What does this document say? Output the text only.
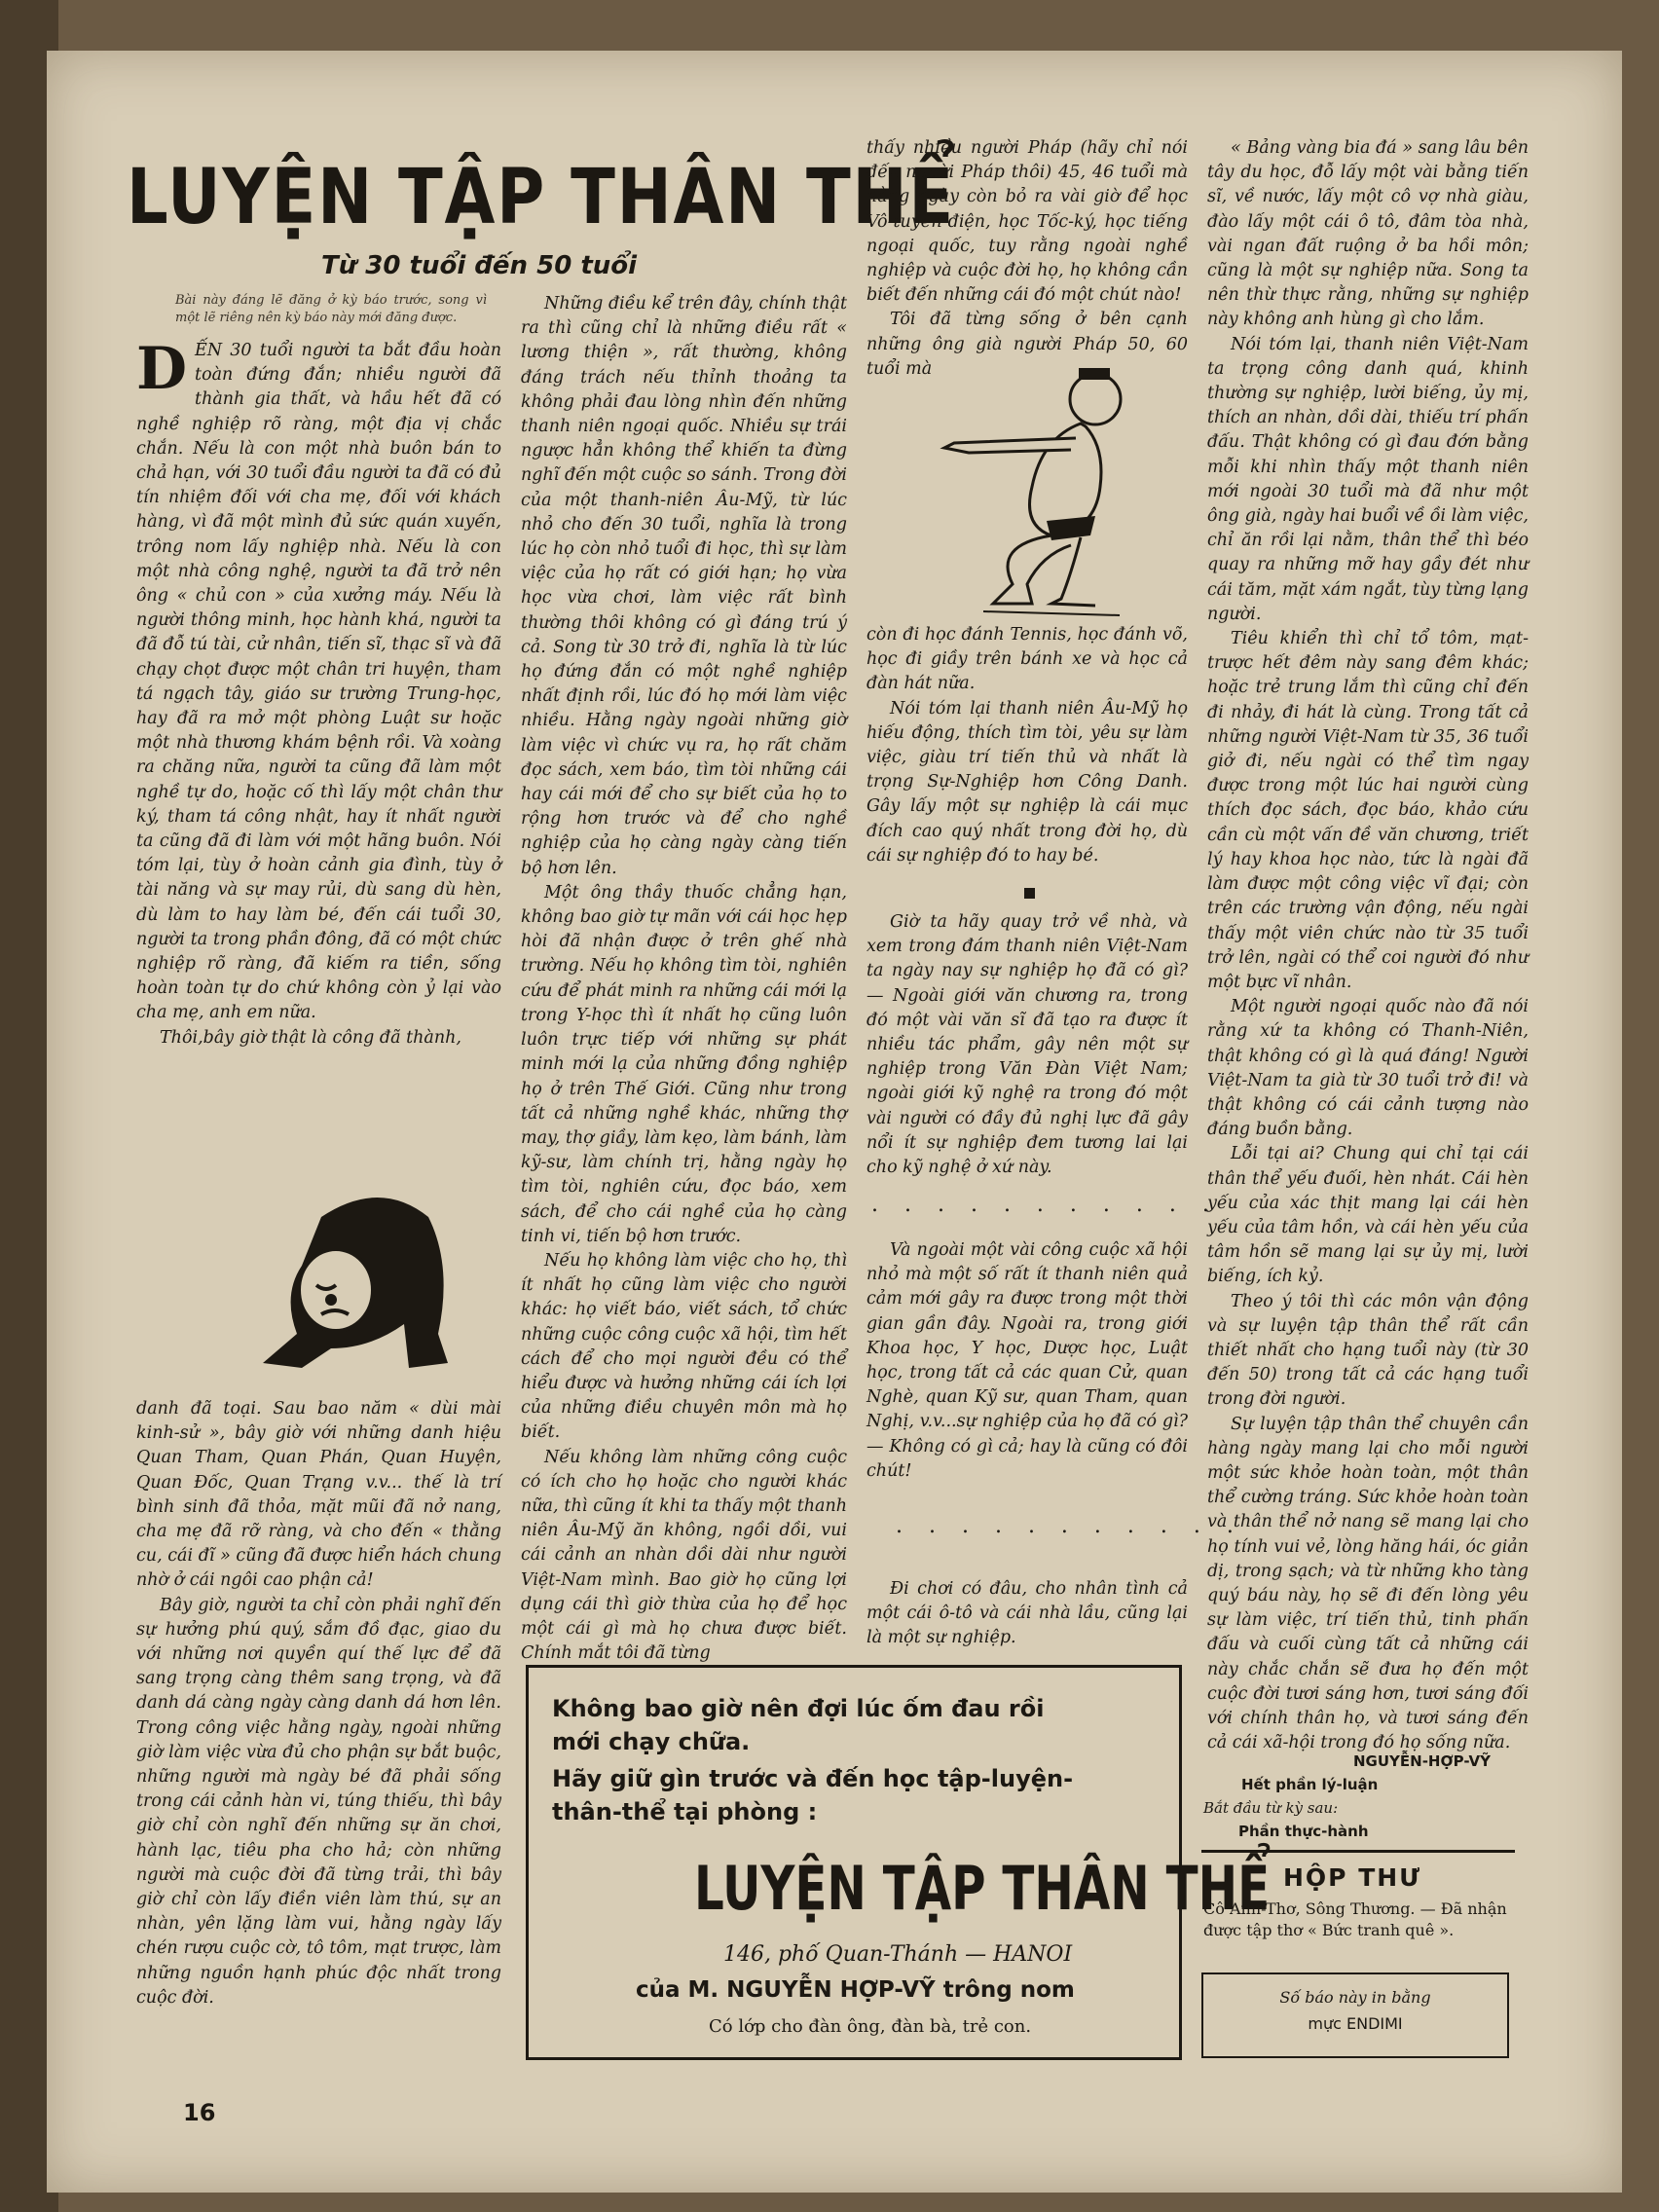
LUYỆN TẬP THÂN THỂ
Từ 30 tuổi đến 50 tuổi
Bài này đáng lẽ đăng ở kỳ báo trước, song vì một lẽ riêng nên kỳ báo này mới đăng được.

DẾN 30 tuổi người ta bắt đầu hoàn toàn đứng đắn; nhiều người đã thành gia thất, và hầu hết đã có nghề nghiệp rõ ràng, một địa vị chắc chắn. Nếu là con một nhà buôn bán to chả hạn, với 30 tuổi đầu người ta đã có đủ tín nhiệm đối với cha mẹ, đối với khách hàng, vì đã một mình đủ sức quán xuyến, trông nom lấy nghiệp nhà. Nếu là con một nhà công nghệ, người ta đã trở nên ông « chủ con » của xưởng máy. Nếu là người thông minh, học hành khá, người ta đã đỗ tú tài, cử nhân, tiến sĩ, thạc sĩ và đã chạy chọt được một chân tri huyện, tham tá ngạch tây, giáo sư trường Trung-học, hay đã ra mở một phòng Luật sư hoặc một nhà thương khám bệnh rồi. Và xoàng ra chăng nữa, người ta cũng đã làm một nghề tự do, hoặc cố thì lấy một chân thư ký, tham tá công nhật, hay ít nhất người ta cũng đã đi làm với một hãng buôn. Nói tóm lại, tùy ở hoàn cảnh gia đình, tùy ở tài năng và sự may rủi, dù sang dù hèn, dù làm to hay làm bé, đến cái tuổi 30, người ta trong phần đông, đã có một chức nghiệp rõ ràng, đã kiếm ra tiền, sống hoàn toàn tự do chứ không còn ỷ lại vào cha mẹ, anh em nữa.

Thôi,bây giờ thật là công đã thành,

danh đã toại. Sau bao năm « dùi mài kinh-sử », bây giờ với những danh hiệu Quan Tham, Quan Phán, Quan Huyện, Quan Đốc, Quan Trạng v.v... thế là trí bình sinh đã thỏa, mặt mũi đã nở nang, cha mẹ đã rỡ ràng, và cho đến « thằng cu, cái đĩ » cũng đã được hiển hách chung nhờ ở cái ngôi cao phận cả!

Bây giờ, người ta chỉ còn phải nghĩ đến sự hưởng phú quý, sắm đồ đạc, giao du với những nơi quyền quí thế lực để đã sang trọng càng thêm sang trọng, và đã danh dá càng ngày càng danh dá hơn lên. Trong công việc hằng ngày, ngoài những giờ làm việc vừa đủ cho phận sự bắt buộc, những người mà ngày bé đã phải sống trong cái cảnh hàn vi, túng thiếu, thì bây giờ chỉ còn nghĩ đến những sự ăn chơi, hành lạc, tiêu pha cho hả; còn những người mà cuộc đời đã từng trải, thì bây giờ chỉ còn lấy điền viên làm thú, sự an nhàn, yên lặng làm vui, hằng ngày lấy chén rượu cuộc cờ, tô tôm, mạt trược, làm những nguồn hạnh phúc độc nhất trong cuộc đời.

Những điều kể trên đây, chính thật ra thì cũng chỉ là những điều rất « lương thiện », rất thường, không đáng trách nếu thỉnh thoảng ta không phải đau lòng nhìn đến những thanh niên ngoại quốc. Nhiều sự trái ngược hẳn không thể khiến ta đừng nghĩ đến một cuộc so sánh. Trong đời của một thanh-niên Âu-Mỹ, từ lúc nhỏ cho đến 30 tuổi, nghĩa là trong lúc họ còn nhỏ tuổi đi học, thì sự làm việc của họ rất có giới hạn; họ vừa học vừa chơi, làm việc rất bình thường thôi không có gì đáng trú ý cả. Song từ 30 trở đi, nghĩa là từ lúc họ đứng đắn có một nghề nghiệp nhất định rồi, lúc đó họ mới làm việc nhiều. Hằng ngày ngoài những giờ làm việc vì chức vụ ra, họ rất chăm đọc sách, xem báo, tìm tòi những cái hay cái mới để cho sự biết của họ to rộng hơn trước và để cho nghề nghiệp của họ càng ngày càng tiến bộ hơn lên.

Một ông thầy thuốc chẳng hạn, không bao giờ tự mãn với cái học hẹp hòi đã nhận được ở trên ghế nhà trường. Nếu họ không tìm tòi, nghiên cứu để phát minh ra những cái mới lạ trong Y-học thì ít nhất họ cũng luôn luôn trực tiếp với những sự phát minh mới lạ của những đồng nghiệp họ ở trên Thế Giới. Cũng như trong tất cả những nghề khác, những thợ may, thợ giầy, làm kẹo, làm bánh, làm kỹ-sư, làm chính trị, hằng ngày họ tìm tòi, nghiên cứu, đọc báo, xem sách, để cho cái nghề của họ càng tinh vi, tiến bộ hơn trước.

Nếu họ không làm việc cho họ, thì ít nhất họ cũng làm việc cho người khác: họ viết báo, viết sách, tổ chức những cuộc công cuộc xã hội, tìm hết cách để cho mọi người đều có thể hiểu được và hưởng những cái ích lợi của những điều chuyên môn mà họ biết.

Nếu không làm những công cuộc có ích cho họ hoặc cho người khác nữa, thì cũng ít khi ta thấy một thanh niên Âu-Mỹ ăn không, ngồi dồi, vui cái cảnh an nhàn dồi dài như người Việt-Nam mình. Bao giờ họ cũng lợi dụng cái thì giờ thừa của họ để học một cái gì mà họ chưa được biết. Chính mắt tôi đã từng

thấy nhiều người Pháp (hãy chỉ nói đến người Pháp thôi) 45, 46 tuổi mà hằng ngày còn bỏ ra vài giờ để học Vô-tuyến-điện, học Tốc-ký, học tiếng ngoại quốc, tuy rằng ngoài nghề nghiệp và cuộc đời họ, họ không cần biết đến những cái đó một chút nào!

Tôi đã từng sống ở bên cạnh những ông già người Pháp 50, 60 tuổi mà

còn đi học đánh Tennis, học đánh võ, học đi giầy trên bánh xe và học cả đàn hát nữa.

Nói tóm lại thanh niên Âu-Mỹ họ hiếu động, thích tìm tòi, yêu sự làm việc, giàu trí tiến thủ và nhất là trọng Sự-Nghiệp hơn Công Danh. Gây lấy một sự nghiệp là cái mục đích cao quý nhất trong đời họ, dù cái sự nghiệp đó to hay bé.

Giờ ta hãy quay trở về nhà, và xem trong đám thanh niên Việt-Nam ta ngày nay sự nghiệp họ đã có gì? — Ngoài giới văn chương ra, trong đó một vài văn sĩ đã tạo ra được ít nhiều tác phẩm, gây nên một sự nghiệp trong Văn Đàn Việt Nam; ngoài giới kỹ nghệ ra trong đó một vài người có đầy đủ nghị lực đã gây nổi ít sự nghiệp đem tương lai lại cho kỹ nghệ ở xứ này.

. . . . . . . . . . .

Và ngoài một vài công cuộc xã hội nhỏ mà một số rất ít thanh niên quả cảm mới gây ra được trong một thời gian gần đây. Ngoài ra, trong giới Khoa học, Y học, Dược học, Luật học, trong tất cả các quan Cử, quan Nghè, quan Kỹ sư, quan Tham, quan Nghị, v.v...sự nghiệp của họ đã có gì? — Không có gì cả; hay là cũng có đôi chút!

. . . . . . . . . . .

Đi chơi có đâu, cho nhân tình cả một cái ô-tô và cái nhà lầu, cũng lại là một sự nghiệp.

« Bảng vàng bia đá » sang lâu bên tây du học, đỗ lấy một vài bằng tiến sĩ, về nước, lấy một cô vợ nhà giàu, đào lấy một cái ô tô, đâm tòa nhà, vài ngan đất ruộng ở ba hồi môn; cũng là một sự nghiệp nữa. Song ta nên thừ thực rằng, những sự nghiệp này không anh hùng gì cho lắm.

Nói tóm lại, thanh niên Việt-Nam ta trọng công danh quá, khinh thường sự nghiệp, lười biếng, ủy mị, thích an nhàn, dồi dài, thiếu trí phấn đấu. Thật không có gì đau đớn bằng mỗi khi nhìn thấy một thanh niên mới ngoài 30 tuổi mà đã như một ông già, ngày hai buổi về ồi làm việc, chỉ ăn rồi lại nằm, thân thể thì béo quay ra những mỡ hay gầy đét như cái tăm, mặt xám ngắt, tùy từng lạng người.

Tiêu khiển thì chỉ tổ tôm, mạt-trược hết đêm này sang đêm khác; hoặc trẻ trung lắm thì cũng chỉ đến đi nhảy, đi hát là cùng. Trong tất cả những người Việt-Nam từ 35, 36 tuổi giở đi, nếu ngài có thể tìm ngay được trong một lúc hai người cùng thích đọc sách, đọc báo, khảo cứu cần cù một vấn đề văn chương, triết lý hay khoa học nào, tức là ngài đã làm được một công việc vĩ đại; còn trên các trường vận động, nếu ngài thấy một viên chức nào từ 35 tuổi trở lên, ngài có thể coi người đó như một bực vĩ nhân.

Một người ngoại quốc nào đã nói rằng xứ ta không có Thanh-Niên, thật không có gì là quá đáng! Người Việt-Nam ta già từ 30 tuổi trở đi! và thật không có cái cảnh tượng nào đáng buồn bằng.

Lỗi tại ai? Chung qui chỉ tại cái thân thể yếu đuối, hèn nhát. Cái hèn yếu của xác thịt mang lại cái hèn yếu của tâm hồn, và cái hèn yếu của tâm hồn sẽ mang lại sự ủy mị, lười biếng, ích kỷ.

Theo ý tôi thì các môn vận động và sự luyện tập thân thể rất cần thiết nhất cho hạng tuổi này (từ 30 đến 50) trong tất cả các hạng tuổi trong đời người.

Sự luyện tập thân thể chuyên cần hàng ngày mang lại cho mỗi người một sức khỏe hoàn toàn, một thân thể cường tráng. Sức khỏe hoàn toàn và thân thể nở nang sẽ mang lại cho họ tính vui vẻ, lòng hăng hái, óc giản dị, trong sạch; và từ những kho tàng quý báu này, họ sẽ đi đến lòng yêu sự làm việc, trí tiến thủ, tinh phấn đấu và cuối cùng tất cả những cái này chắc chắn sẽ đưa họ đến một cuộc đời tươi sáng hơn, tươi sáng đối với chính thân họ, và tươi sáng đến cả cái xã-hội trong đó họ sống nữa.

NGUYỄN-HỢP-VỸ
Hết phần lý-luận
Bắt đầu từ kỳ sau:
Phần thực-hành
HỘP THƯ
Cô Anh-Thơ, Sông Thương. — Đã nhận được tập thơ « Bức tranh quê ».
Số báo này in bằng
mực ENDIMI
Không bao giờ nên đợi lúc ốm đau rồi
mới chạy chữa.
Hãy giữ gìn trước và đến học tập-luyện-
thân-thể tại phòng :
LUYỆN TẬP THÂN THỂ
146, phố Quan-Thánh — HANOI
của M. NGUYỄN HỢP-VỸ trông nom
Có lớp cho đàn ông, đàn bà, trẻ con.
16
